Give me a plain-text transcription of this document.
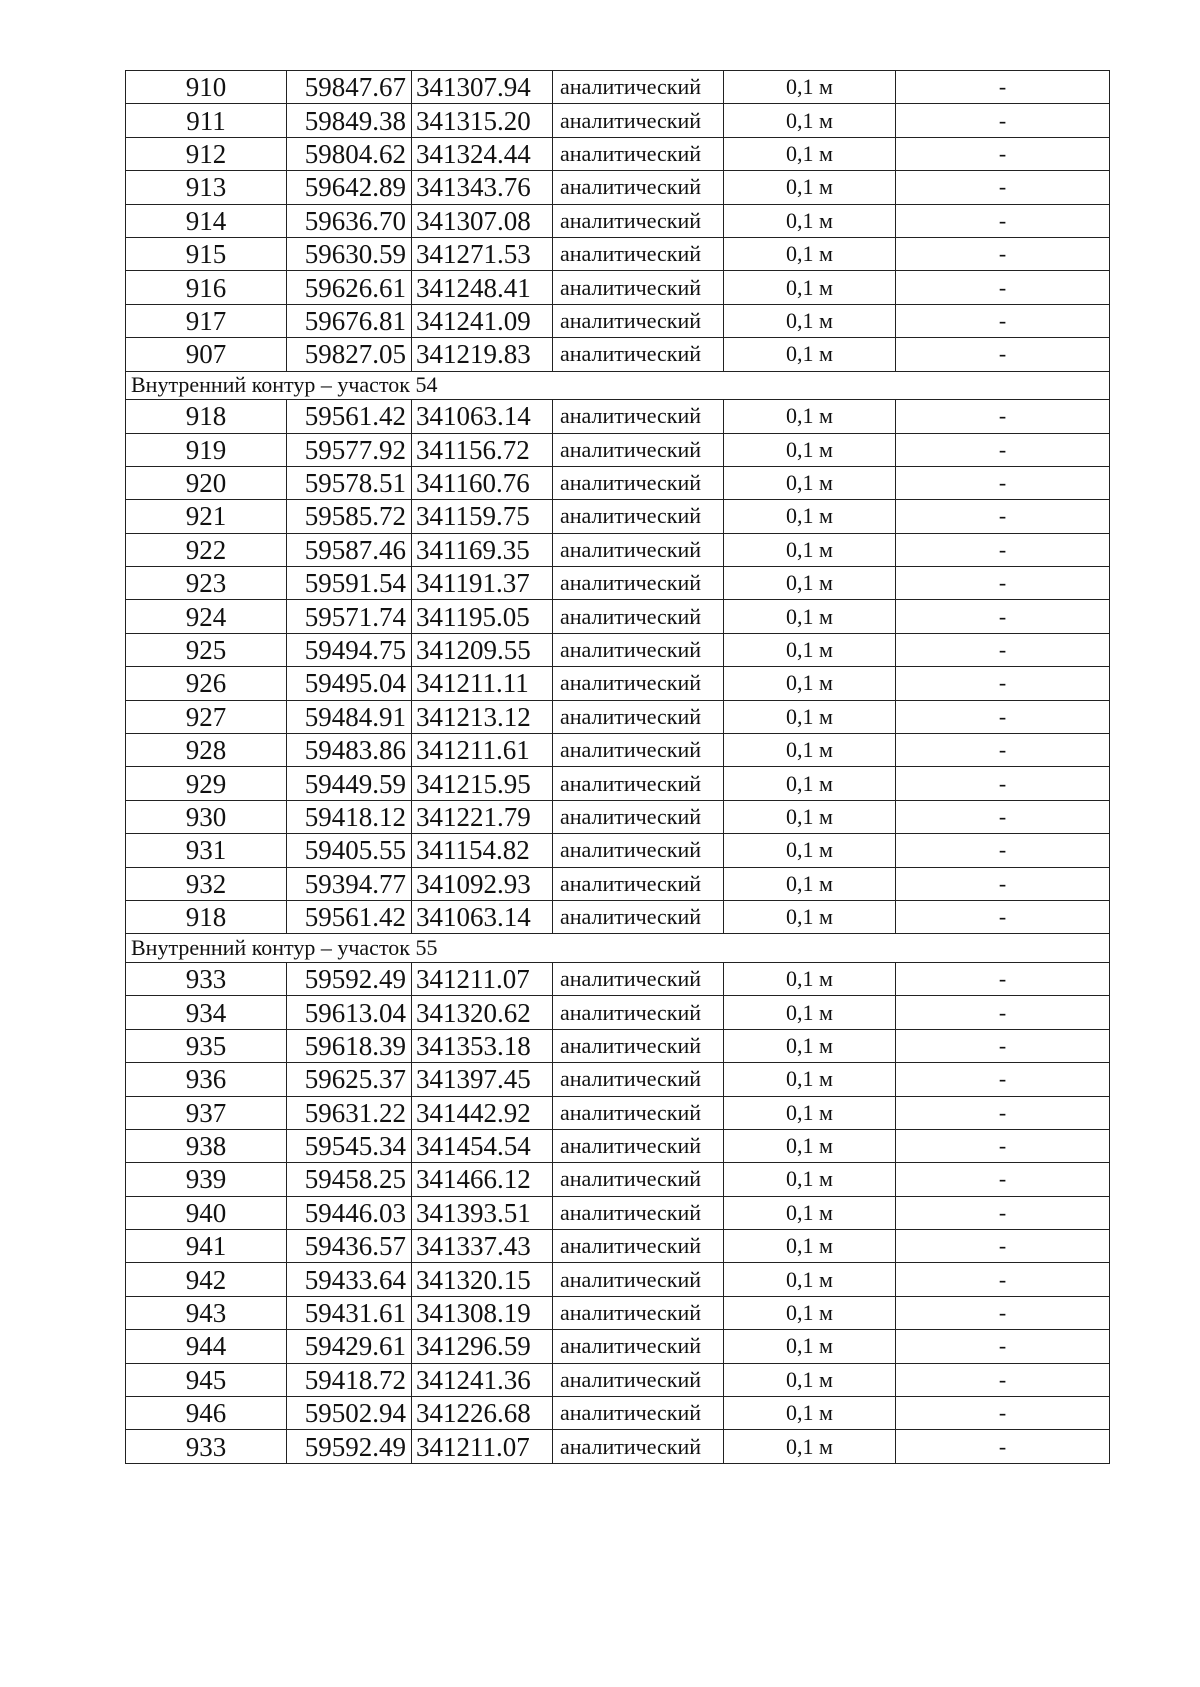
910	59847.67	341307.94	аналитический	0,1 м	-
911	59849.38	341315.20	аналитический	0,1 м	-
912	59804.62	341324.44	аналитический	0,1 м	-
913	59642.89	341343.76	аналитический	0,1 м	-
914	59636.70	341307.08	аналитический	0,1 м	-
915	59630.59	341271.53	аналитический	0,1 м	-
916	59626.61	341248.41	аналитический	0,1 м	-
917	59676.81	341241.09	аналитический	0,1 м	-
907	59827.05	341219.83	аналитический	0,1 м	-
Внутренний контур – участок 54					
918	59561.42	341063.14	аналитический	0,1 м	-
919	59577.92	341156.72	аналитический	0,1 м	-
920	59578.51	341160.76	аналитический	0,1 м	-
921	59585.72	341159.75	аналитический	0,1 м	-
922	59587.46	341169.35	аналитический	0,1 м	-
923	59591.54	341191.37	аналитический	0,1 м	-
924	59571.74	341195.05	аналитический	0,1 м	-
925	59494.75	341209.55	аналитический	0,1 м	-
926	59495.04	341211.11	аналитический	0,1 м	-
927	59484.91	341213.12	аналитический	0,1 м	-
928	59483.86	341211.61	аналитический	0,1 м	-
929	59449.59	341215.95	аналитический	0,1 м	-
930	59418.12	341221.79	аналитический	0,1 м	-
931	59405.55	341154.82	аналитический	0,1 м	-
932	59394.77	341092.93	аналитический	0,1 м	-
918	59561.42	341063.14	аналитический	0,1 м	-
Внутренний контур – участок 55					
933	59592.49	341211.07	аналитический	0,1 м	-
934	59613.04	341320.62	аналитический	0,1 м	-
935	59618.39	341353.18	аналитический	0,1 м	-
936	59625.37	341397.45	аналитический	0,1 м	-
937	59631.22	341442.92	аналитический	0,1 м	-
938	59545.34	341454.54	аналитический	0,1 м	-
939	59458.25	341466.12	аналитический	0,1 м	-
940	59446.03	341393.51	аналитический	0,1 м	-
941	59436.57	341337.43	аналитический	0,1 м	-
942	59433.64	341320.15	аналитический	0,1 м	-
943	59431.61	341308.19	аналитический	0,1 м	-
944	59429.61	341296.59	аналитический	0,1 м	-
945	59418.72	341241.36	аналитический	0,1 м	-
946	59502.94	341226.68	аналитический	0,1 м	-
933	59592.49	341211.07	аналитический	0,1 м	-
